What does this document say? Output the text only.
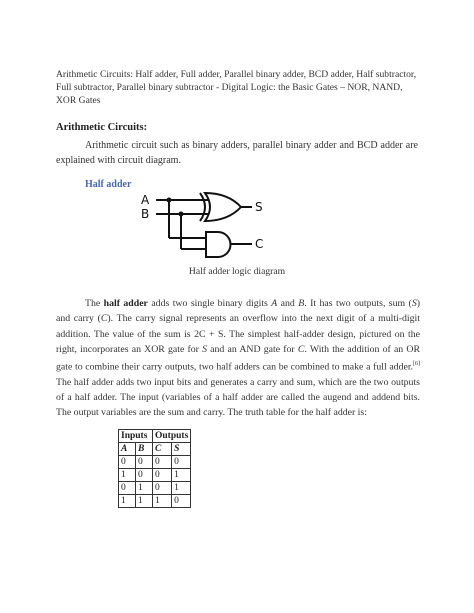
Arithmetic Circuits: Half adder, Full adder, Parallel binary adder, BCD adder, Half subtractor, Full subtractor, Parallel binary subtractor - Digital Logic: the Basic Gates – NOR, NAND, XOR Gates
Arithmetic Circuits:
Arithmetic circuit such as binary adders, parallel binary adder and BCD adder are explained with circuit diagram.
Half adder
A
B	S
C
Half adder logic diagram
The half adder adds two single binary digits A and B. It has two outputs, sum (S) and carry (C). The carry signal represents an overflow into the next digit of a multi-digit addition. The value of the sum is 2C + S. The simplest half-adder design, pictured on the right, incorporates an XOR gate for S and an AND gate for C. With the addition of an OR gate to combine their carry outputs, two half adders can be combined to make a full adder.[6] The half adder adds two input bits and generates a carry and sum, which are the two outputs of a half adder. The input (variables of a half adder are called the augend and addend bits. The output variables are the sum and carry. The truth table for the half adder is:
Inputs		Outputs	
A	B	C	S
0	0	0	0
1	0	0	1
0	1	0	1
1	1	1	0
